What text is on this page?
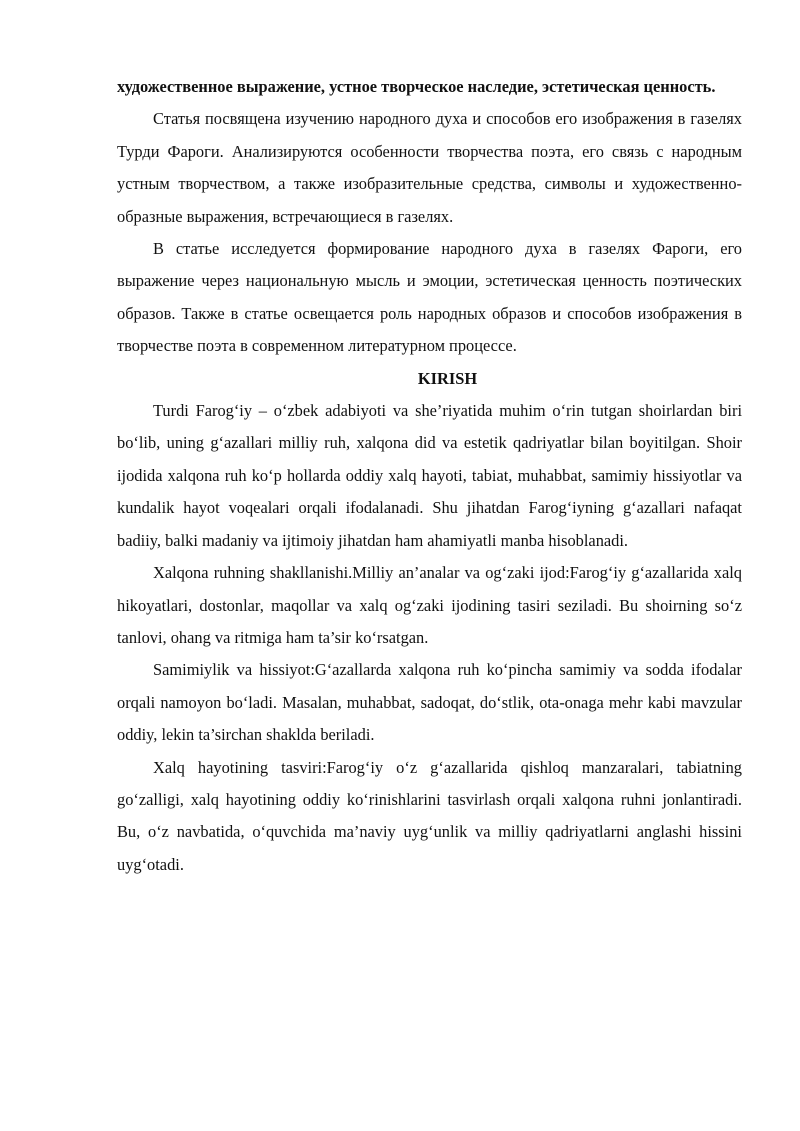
художественное выражение, устное творческое наследие, эстетическая ценность.

Статья посвящена изучению народного духа и способов его изображения в газелях Турди Фароги. Анализируются особенности творчества поэта, его связь с народным устным творчеством, а также изобразительные средства, символы и художественно-образные выражения, встречающиеся в газелях.

В статье исследуется формирование народного духа в газелях Фароги, его выражение через национальную мысль и эмоции, эстетическая ценность поэтических образов. Также в статье освещается роль народных образов и способов изображения в творчестве поэта в современном литературном процессе.

KIRISH

Turdi Farog‘iy – o‘zbek adabiyoti va she’riyatida muhim o‘rin tutgan shoirlardan biri bo‘lib, uning g‘azallari milliy ruh, xalqona did va estetik qadriyatlar bilan boyitilgan. Shoir ijodida xalqona ruh ko‘p hollarda oddiy xalq hayoti, tabiat, muhabbat, samimiy hissiyotlar va kundalik hayot voqealari orqali ifodalanadi. Shu jihatdan Farog‘iyning g‘azallari nafaqat badiiy, balki madaniy va ijtimoiy jihatdan ham ahamiyatli manba hisoblanadi.

Xalqona ruhning shakllanishi.Milliy an’analar va og‘zaki ijod:Farog‘iy g‘azallarida xalq hikoyatlari, dostonlar, maqollar va xalq og‘zaki ijodining tasiri seziladi. Bu shoirning so‘z tanlovi, ohang va ritmiga ham ta’sir ko‘rsatgan.

Samimiylik va hissiyot:G‘azallarda xalqona ruh ko‘pincha samimiy va sodda ifodalar orqali namoyon bo‘ladi. Masalan, muhabbat, sadoqat, do‘stlik, ota-onaga mehr kabi mavzular oddiy, lekin ta’sirchan shaklda beriladi.

Xalq hayotining tasviri:Farog‘iy o‘z g‘azallarida qishloq manzaralari, tabiatning go‘zalligi, xalq hayotining oddiy ko‘rinishlarini tasvirlash orqali xalqona ruhni jonlantiradi. Bu, o‘z navbatida, o‘quvchida ma’naviy uyg‘unlik va milliy qadriyatlarni anglashi hissini uyg‘otadi.
